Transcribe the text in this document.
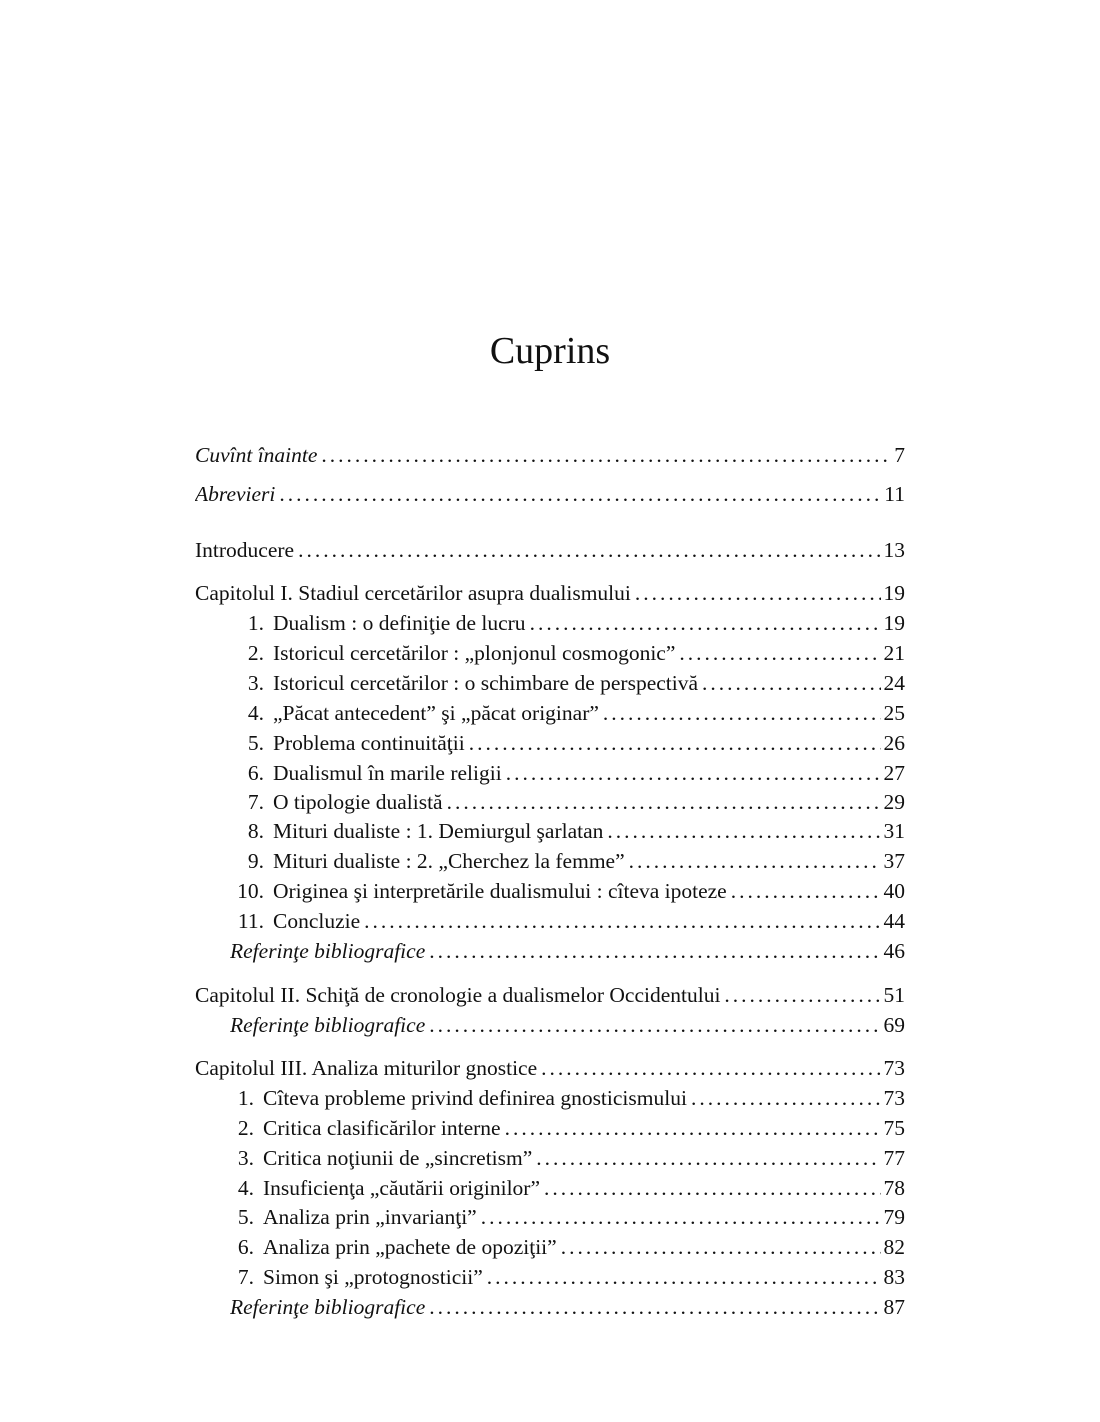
Cuprins
Cuvînt înainte .....	7
Abrevieri .....	11
Introducere .....	13
Capitolul I. Stadiul cercetărilor asupra dualismului .....	19
1. Dualism : o definiţie de lucru .....	19
2. Istoricul cercetărilor : „plonjonul cosmogonic” .....	21
3. Istoricul cercetărilor : o schimbare de perspectivă .....	24
4. „Păcat antecedent” şi „păcat originar” .....	25
5. Problema continuităţii .....	26
6. Dualismul în marile religii .....	27
7. O tipologie dualistă .....	29
8. Mituri dualiste : 1. Demiurgul şarlatan .....	31
9. Mituri dualiste : 2. „Cherchez la femme” .....	37
10. Originea şi interpretările dualismului : cîteva ipoteze .....	40
11. Concluzie .....	44
Referinţe bibliografice .....	46
Capitolul II. Schiţă de cronologie a dualismelor Occidentului .....	51
Referinţe bibliografice .....	69
Capitolul III. Analiza miturilor gnostice .....	73
1. Cîteva probleme privind definirea gnosticismului .....	73
2. Critica clasificărilor interne .....	75
3. Critica noţiunii de „sincretism” .....	77
4. Insuficienţa „căutării originilor” .....	78
5. Analiza prin „invarianţi” .....	79
6. Analiza prin „pachete de opoziţii” .....	82
7. Simon şi „protognosticii” .....	83
Referinţe bibliografice .....	87
